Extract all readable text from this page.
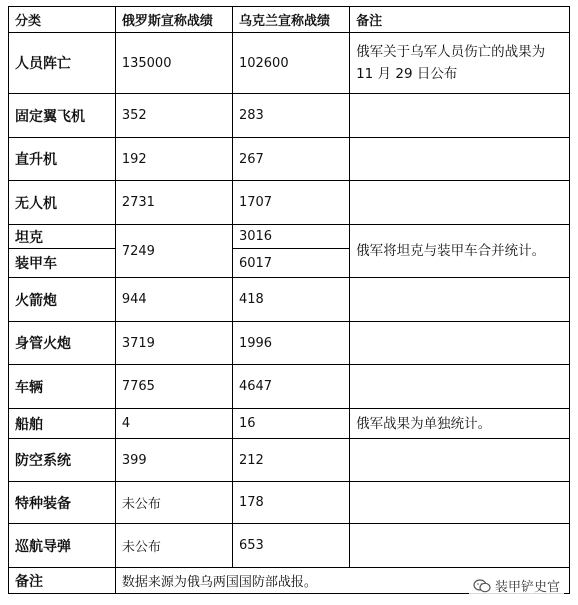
分类	俄罗斯宣称战绩	乌克兰宣称战绩	备注
人员阵亡	135000	102600	俄军关于乌军人员伤亡的战果为 11 月 29 日公布
固定翼飞机	352	283	
直升机	192	267	
无人机	2731	1707	
坦克	7249	3016	俄军将坦克与装甲车合并统计。
装甲车		6017	
火箭炮	944	418	
身管火炮	3719	1996	
车辆	7765	4647	
船舶	4	16	俄军战果为单独统计。
防空系统	399	212	
特种装备	未公布	178	
巡航导弹	未公布	653	
备注	数据来源为俄乌两国国防部战报。			装甲铲史官
